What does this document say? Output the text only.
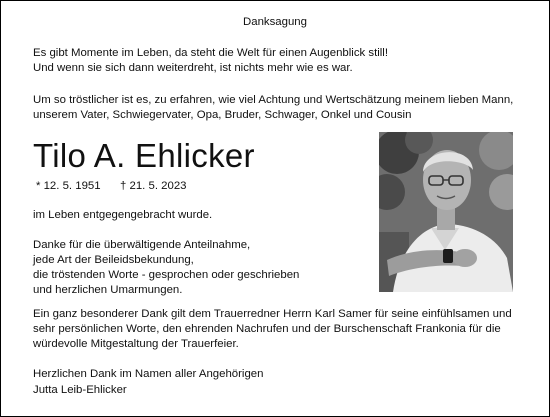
Danksagung
Es gibt Momente im Leben, da steht die Welt für einen Augenblick still!
Und wenn sie sich dann weiterdreht, ist nichts mehr wie es war.
Um so tröstlicher ist es, zu erfahren, wie viel Achtung und Wertschätzung meinem lieben Mann,
unserem Vater, Schwiegervater, Opa, Bruder, Schwager, Onkel und Cousin
Tilo A. Ehlicker
* 12. 5. 1951 † 21. 5. 2023
im Leben entgegengebracht wurde.
Danke für die überwältigende Anteilnahme,
jede Art der Beileidsbekundung,
die tröstenden Worte - gesprochen oder geschrieben
und herzlichen Umarmungen.
Ein ganz besonderer Dank gilt dem Trauerredner Herrn Karl Samer für seine einfühlsamen und
sehr persönlichen Worte, den ehrenden Nachrufen und der Burschenschaft Frankonia für die
würdevolle Mitgestaltung der Trauerfeier.
Herzlichen Dank im Namen aller Angehörigen
Jutta Leib-Ehlicker
